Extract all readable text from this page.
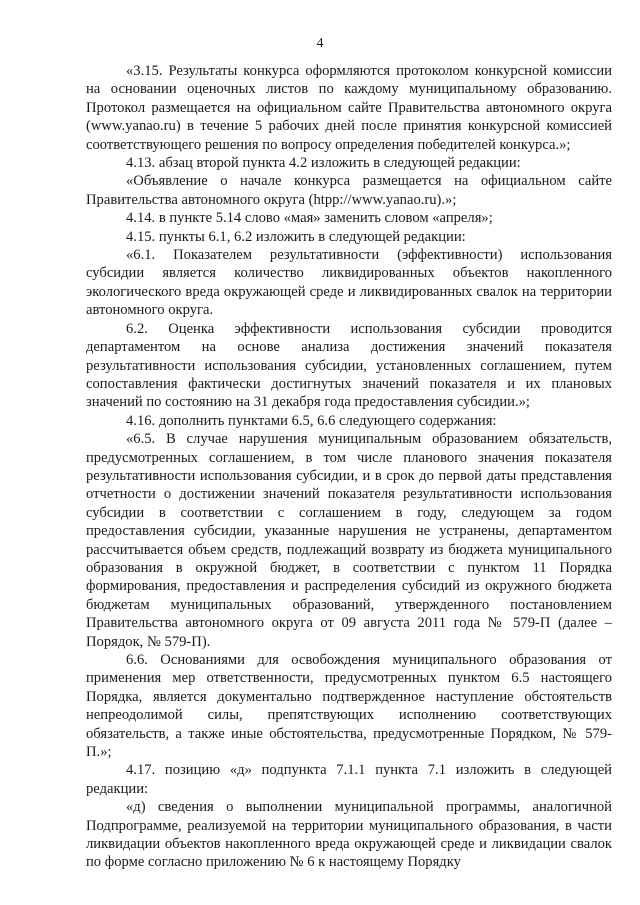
4

«3.15. Результаты конкурса оформляются протоколом конкурсной комиссии на основании оценочных листов по каждому муниципальному образованию. Протокол размещается на официальном сайте Правительства автономного округа (www.yanao.ru) в течение 5 рабочих дней после принятия конкурсной комиссией соответствующего решения по вопросу определения победителей конкурса.»;

4.13. абзац второй пункта 4.2 изложить в следующей редакции:

«Объявление о начале конкурса размещается на официальном сайте Правительства автономного округа (htpp://www.yanao.ru).»;

4.14. в пункте 5.14 слово «мая» заменить словом «апреля»;

4.15. пункты 6.1, 6.2 изложить в следующей редакции:

«6.1. Показателем результативности (эффективности) использования субсидии является количество ликвидированных объектов накопленного экологического вреда окружающей среде и ликвидированных свалок на территории автономного округа.

6.2. Оценка эффективности использования субсидии проводится департаментом на основе анализа достижения значений показателя результативности использования субсидии, установленных соглашением, путем сопоставления фактически достигнутых значений показателя и их плановых значений по состоянию на 31 декабря года предоставления субсидии.»;

4.16. дополнить пунктами 6.5, 6.6 следующего содержания:

«6.5. В случае нарушения муниципальным образованием обязательств, предусмотренных соглашением, в том числе планового значения показателя результативности использования субсидии, и в срок до первой даты представления отчетности о достижении значений показателя результативности использования субсидии в соответствии с соглашением в году, следующем за годом предоставления субсидии, указанные нарушения не устранены, департаментом рассчитывается объем средств, подлежащий возврату из бюджета муниципального образования в окружной бюджет, в соответствии с пунктом 11 Порядка формирования, предоставления и распределения субсидий из окружного бюджета бюджетам муниципальных образований, утвержденного постановлением Правительства автономного округа от 09 августа 2011 года № 579-П (далее – Порядок, № 579-П).

6.6. Основаниями для освобождения муниципального образования от применения мер ответственности, предусмотренных пунктом 6.5 настоящего Порядка, является документально подтвержденное наступление обстоятельств непреодолимой силы, препятствующих исполнению соответствующих обязательств, а также иные обстоятельства, предусмотренные Порядком, № 579-П.»;

4.17. позицию «д» подпункта 7.1.1 пункта 7.1 изложить в следующей редакции:

«д) сведения о выполнении муниципальной программы, аналогичной Подпрограмме, реализуемой на территории муниципального образования, в части ликвидации объектов накопленного вреда окружающей среде и ликвидации свалок по форме согласно приложению № 6 к настоящему Порядку
